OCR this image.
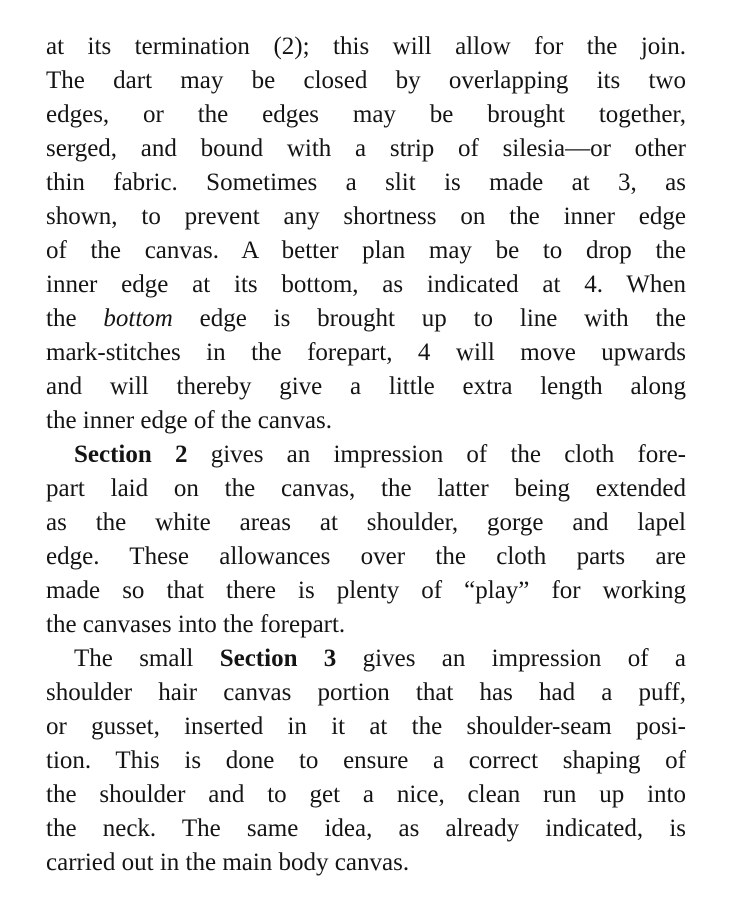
at its termination (2); this will allow for the join.
The dart may be closed by overlapping its two
edges, or the edges may be brought together,
serged, and bound with a strip of silesia—or other
thin fabric. Sometimes a slit is made at 3, as
shown, to prevent any shortness on the inner edge
of the canvas. A better plan may be to drop the
inner edge at its bottom, as indicated at 4. When
the bottom edge is brought up to line with the
mark-stitches in the forepart, 4 will move upwards
and will thereby give a little extra length along
the inner edge of the canvas.

Section 2 gives an impression of the cloth fore-
part laid on the canvas, the latter being extended
as the white areas at shoulder, gorge and lapel
edge. These allowances over the cloth parts are
made so that there is plenty of “play” for working
the canvases into the forepart.

The small Section 3 gives an impression of a
shoulder hair canvas portion that has had a puff,
or gusset, inserted in it at the shoulder-seam posi-
tion. This is done to ensure a correct shaping of
the shoulder and to get a nice, clean run up into
the neck. The same idea, as already indicated, is
carried out in the main body canvas.
